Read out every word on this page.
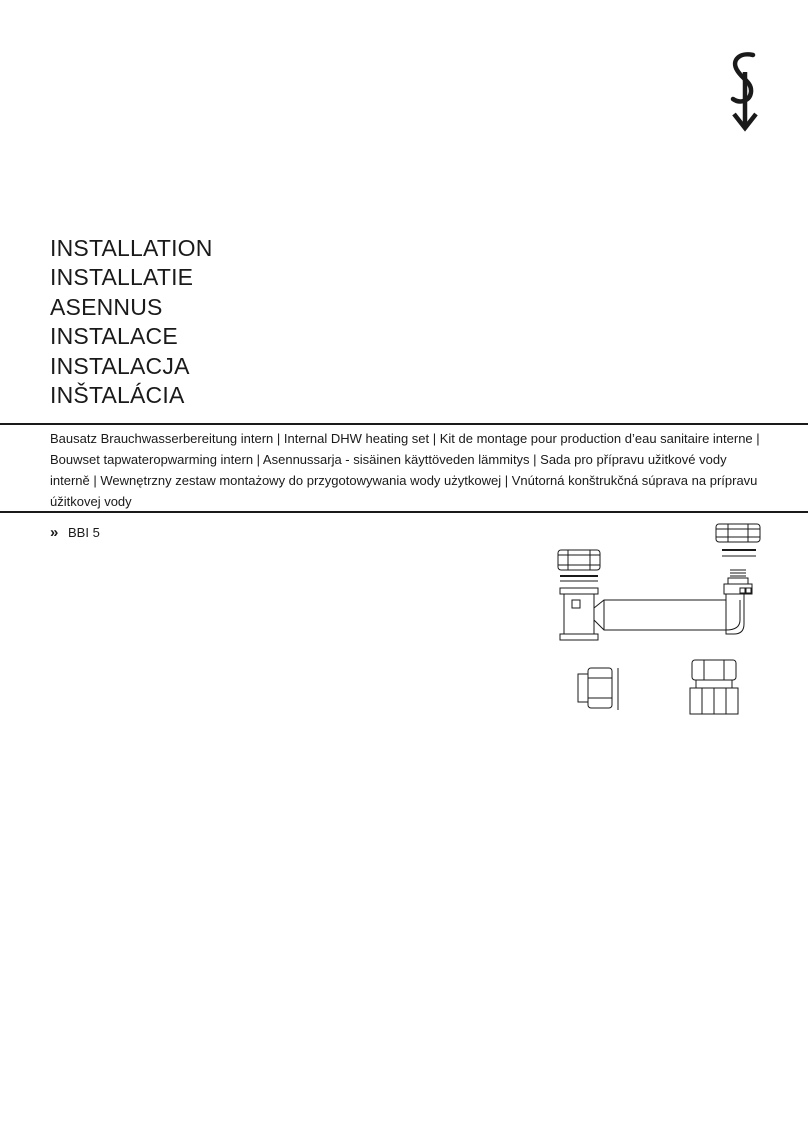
INSTALLATION
INSTALLATIE
ASENNUS
INSTALACE
INSTALACJA
INŠTALÁCIA
Bausatz Brauchwasserbereitung intern | Internal DHW heating set | Kit de montage pour production d’eau sanitaire interne |
Bouwset tapwateropwarming intern | Asennussarja - sisäinen käyttöveden lämmitys | Sada pro přípravu užitkové vody
interně | Wewnętrzny zestaw montażowy do przygotowywania wody użytkowej | Vnútorná konštrukčná súprava na prípravu
úžitkovej vody
» BBI 5
